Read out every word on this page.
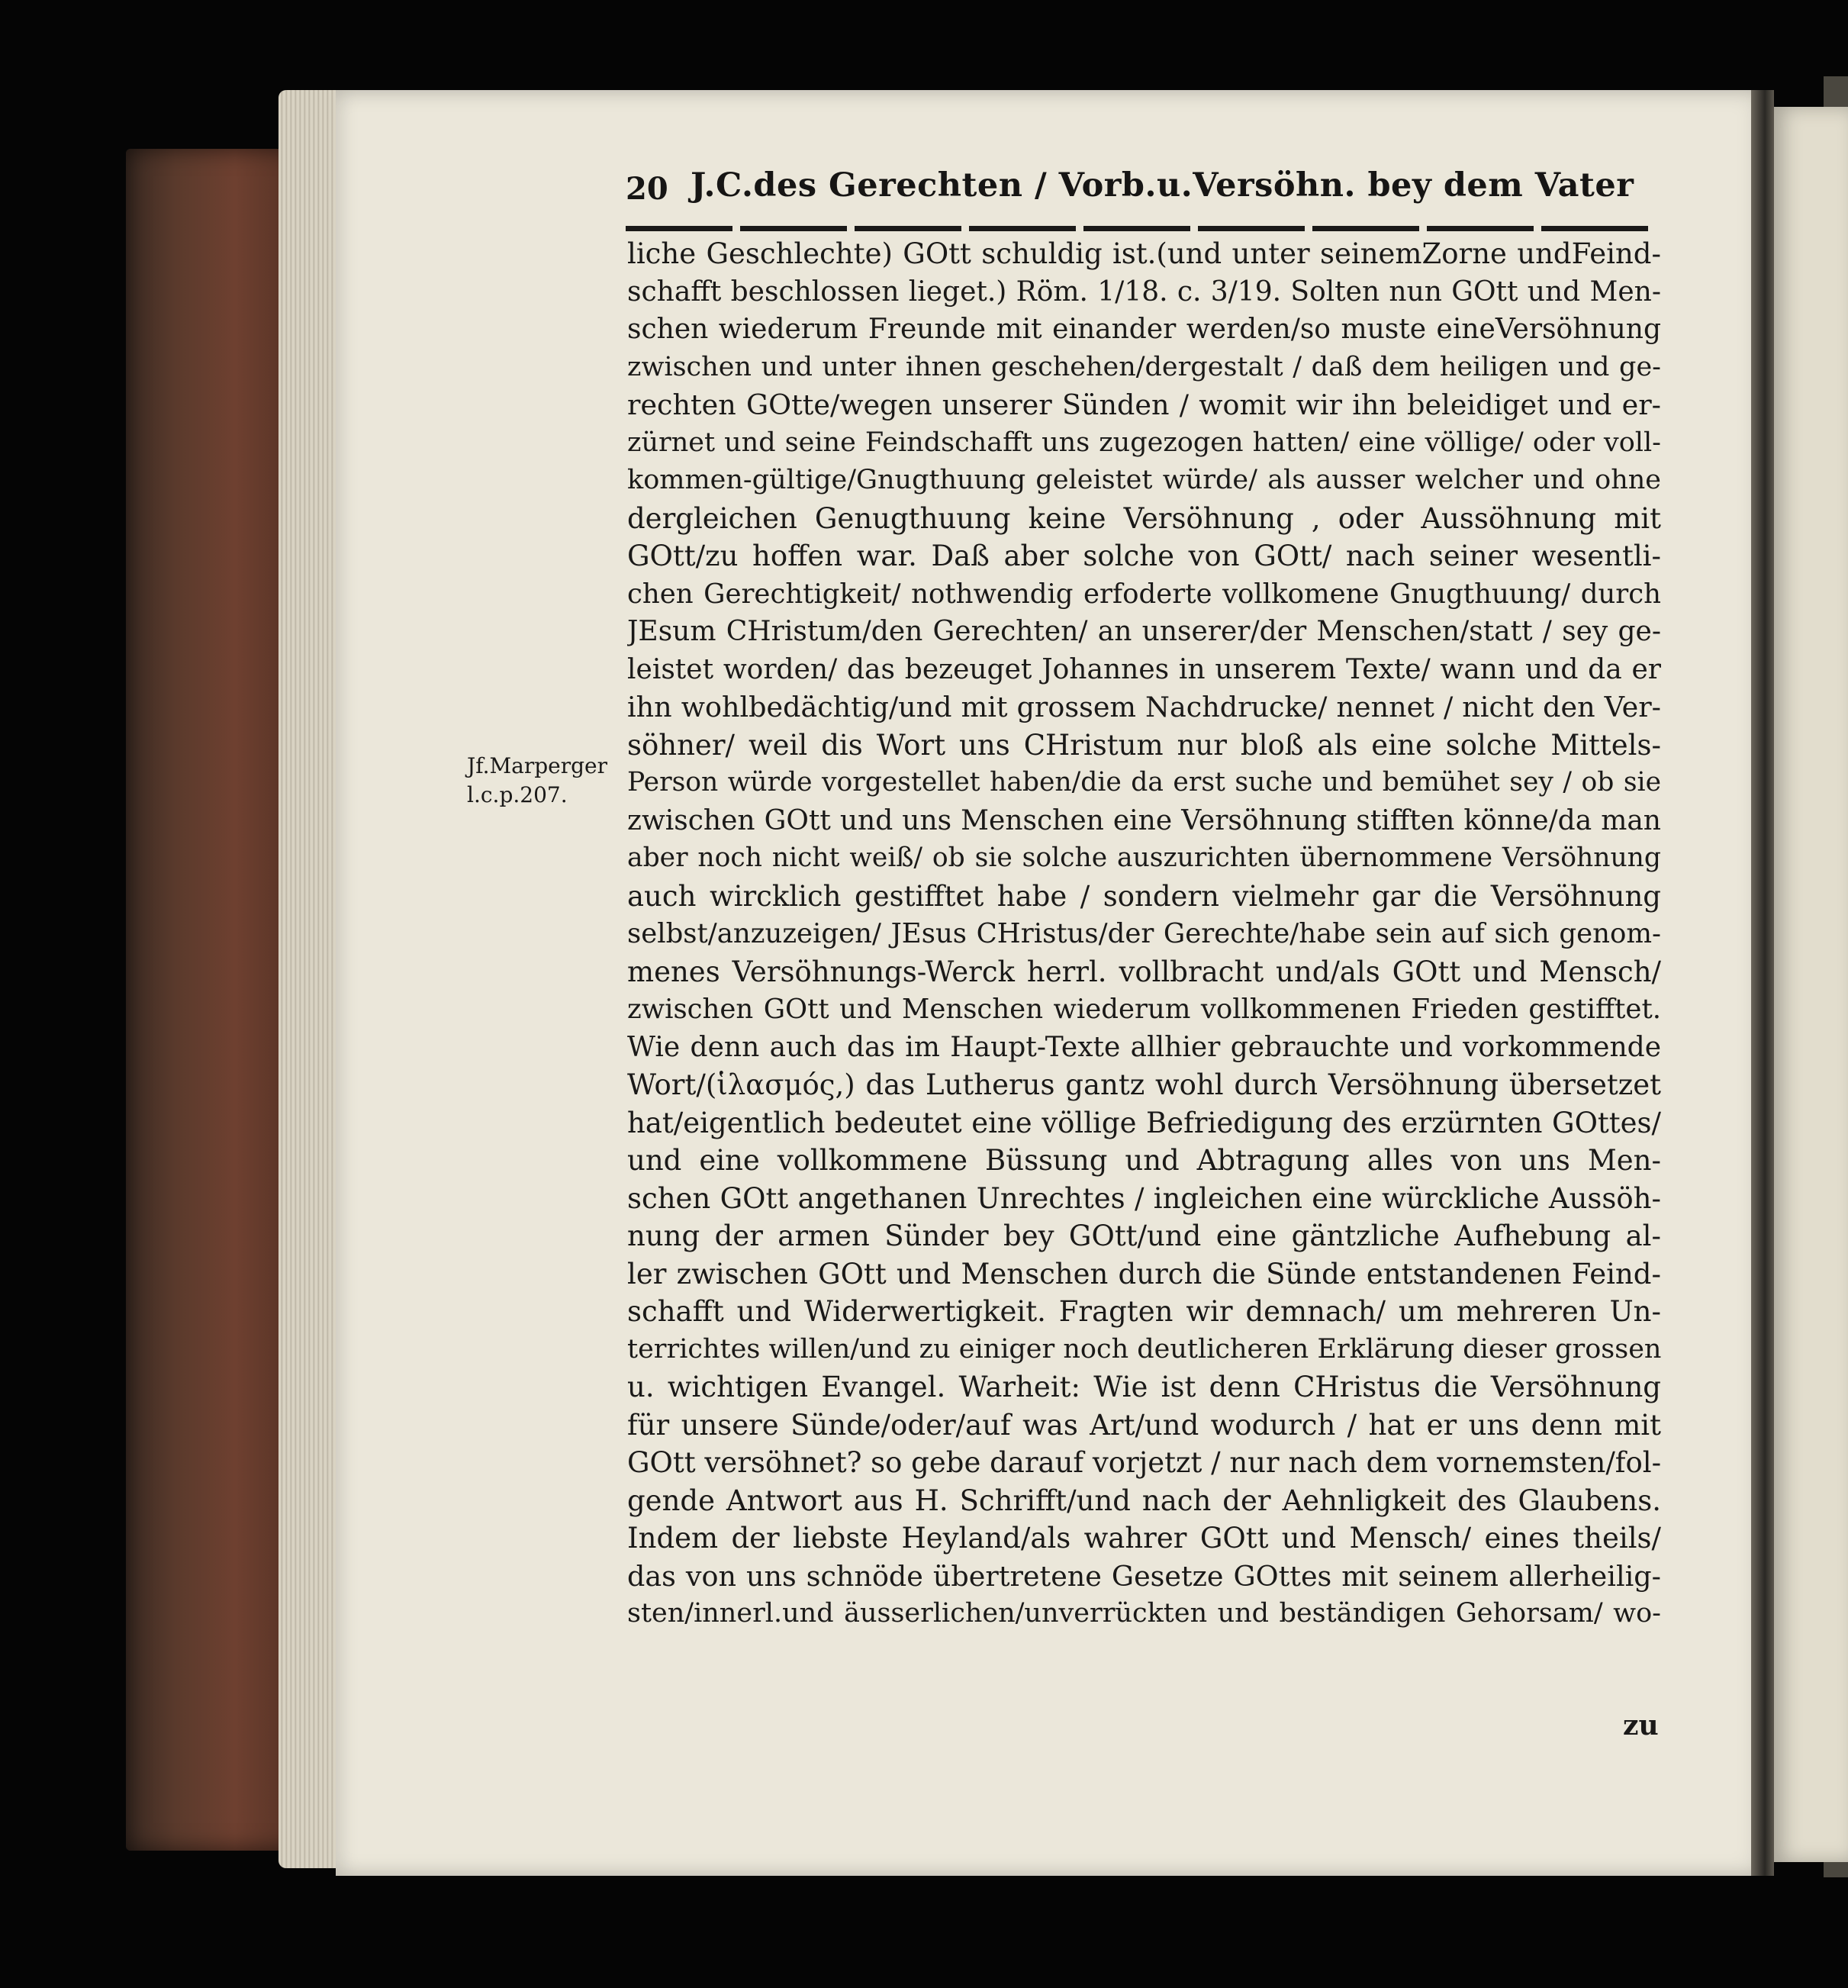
20 J.C.des Gerechten / Vorb.u.Versöhn. bey dem Vater
Jf.Marperger
l.c.p.207.
liche Geschlechte) GOtt schuldig ist.(und unter seinemZorne undFeind-
schafft beschlossen lieget.) Röm. 1/18. c. 3/19. Solten nun GOtt und Men-
schen wiederum Freunde mit einander werden/so muste eineVersöhnung
zwischen und unter ihnen geschehen/dergestalt / daß dem heiligen und ge-
rechten GOtte/wegen unserer Sünden / womit wir ihn beleidiget und er-
zürnet und seine Feindschafft uns zugezogen hatten/ eine völlige/ oder voll-
kommen-gültige/Gnugthuung geleistet würde/ als ausser welcher und ohne
dergleichen Genugthuung keine Versöhnung , oder Aussöhnung mit
GOtt/zu hoffen war. Daß aber solche von GOtt/ nach seiner wesentli-
chen Gerechtigkeit/ nothwendig erfoderte vollkomene Gnugthuung/ durch
JEsum CHristum/den Gerechten/ an unserer/der Menschen/statt / sey ge-
leistet worden/ das bezeuget Johannes in unserem Texte/ wann und da er
ihn wohlbedächtig/und mit grossem Nachdrucke/ nennet / nicht den Ver-
söhner/ weil dis Wort uns CHristum nur bloß als eine solche Mittels-
Person würde vorgestellet haben/die da erst suche und bemühet sey / ob sie
zwischen GOtt und uns Menschen eine Versöhnung stifften könne/da man
aber noch nicht weiß/ ob sie solche auszurichten übernommene Versöhnung
auch wircklich gestifftet habe / sondern vielmehr gar die Versöhnung
selbst/anzuzeigen/ JEsus CHristus/der Gerechte/habe sein auf sich genom-
menes Versöhnungs-Werck herrl. vollbracht und/als GOtt und Mensch/
zwischen GOtt und Menschen wiederum vollkommenen Frieden gestifftet.
Wie denn auch das im Haupt-Texte allhier gebrauchte und vorkommende
Wort/(ἱλασμός,) das Lutherus gantz wohl durch Versöhnung übersetzet
hat/eigentlich bedeutet eine völlige Befriedigung des erzürnten GOttes/
und eine vollkommene Büssung und Abtragung alles von uns Men-
schen GOtt angethanen Unrechtes / ingleichen eine würckliche Aussöh-
nung der armen Sünder bey GOtt/und eine gäntzliche Aufhebung al-
ler zwischen GOtt und Menschen durch die Sünde entstandenen Feind-
schafft und Widerwertigkeit. Fragten wir demnach/ um mehreren Un-
terrichtes willen/und zu einiger noch deutlicheren Erklärung dieser grossen
u. wichtigen Evangel. Warheit: Wie ist denn CHristus die Versöhnung
für unsere Sünde/oder/auf was Art/und wodurch / hat er uns denn mit
GOtt versöhnet? so gebe darauf vorjetzt / nur nach dem vornemsten/fol-
gende Antwort aus H. Schrifft/und nach der Aehnligkeit des Glaubens.
Indem der liebste Heyland/als wahrer GOtt und Mensch/ eines theils/
das von uns schnöde übertretene Gesetze GOttes mit seinem allerheilig-
sten/innerl.und äusserlichen/unverrückten und beständigen Gehorsam/ wo-
zu
